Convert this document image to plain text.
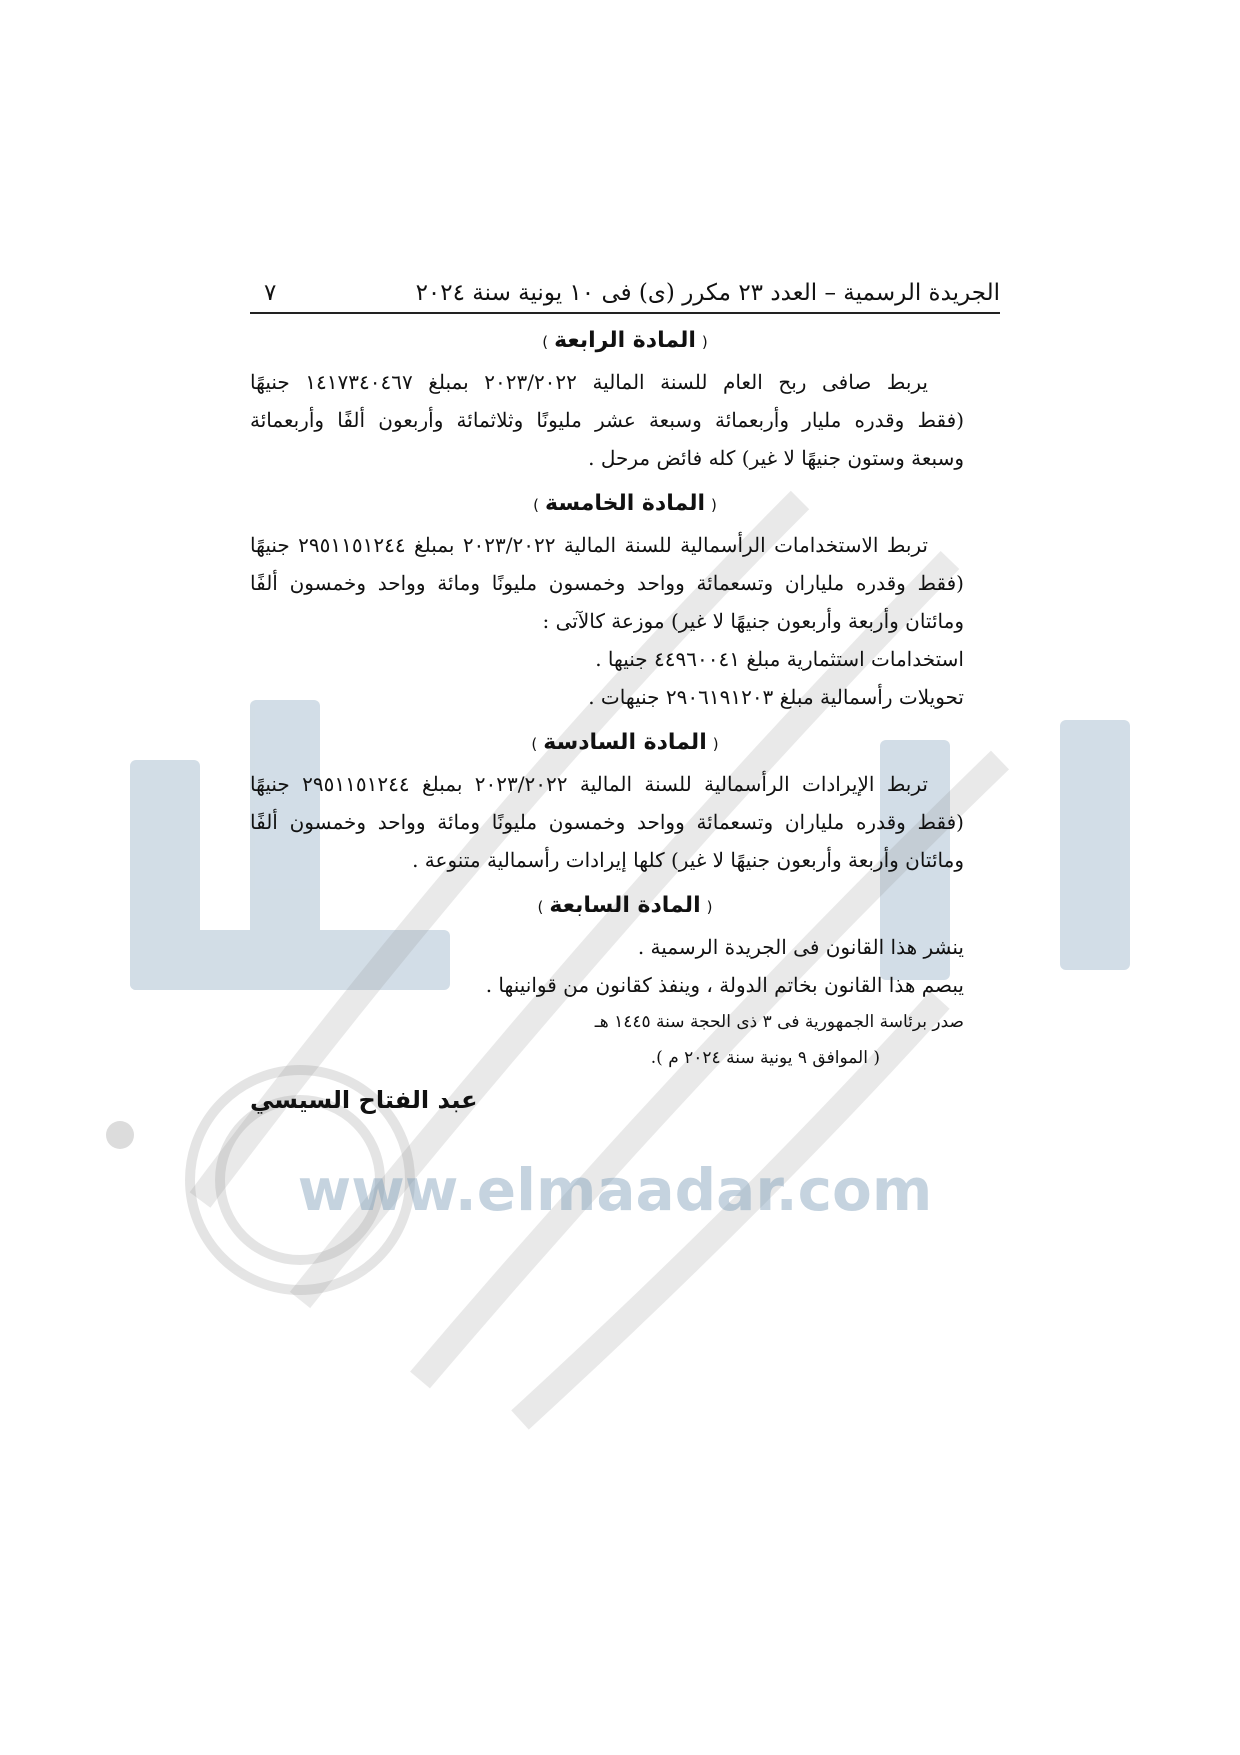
www.elmaadar.com
الجريدة الرسمية – العدد ٢٣ مكرر (ى) فى ١٠ يونية سنة ٢٠٢٤
٧
(المادة الرابعة)
يربط صافى ربح العام للسنة المالية ٢٠٢٣/٢٠٢٢ بمبلغ ١٤١٧٣٤٠٤٦٧ جنيهًا
(فقط وقدره مليار وأربعمائة وسبعة عشر مليونًا وثلاثمائة وأربعون ألفًا وأربعمائة
وسبعة وستون جنيهًا لا غير) كله فائض مرحل .
(المادة الخامسة)
تربط الاستخدامات الرأسمالية للسنة المالية ٢٠٢٣/٢٠٢٢ بمبلغ ٢٩٥١١٥١٢٤٤ جنيهًا
(فقط وقدره ملياران وتسعمائة وواحد وخمسون مليونًا ومائة وواحد وخمسون ألفًا
ومائتان وأربعة وأربعون جنيهًا لا غير) موزعة كالآتى :
استخدامات استثمارية مبلغ ٤٤٩٦٠٠٤١ جنيها .
تحويلات رأسمالية مبلغ ٢٩٠٦١٩١٢٠٣ جنيهات .
(المادة السادسة)
تربط الإيرادات الرأسمالية للسنة المالية ٢٠٢٣/٢٠٢٢ بمبلغ ٢٩٥١١٥١٢٤٤ جنيهًا
(فقط وقدره ملياران وتسعمائة وواحد وخمسون مليونًا ومائة وواحد وخمسون ألفًا
ومائتان وأربعة وأربعون جنيهًا لا غير) كلها إيرادات رأسمالية متنوعة .
(المادة السابعة)
ينشر هذا القانون فى الجريدة الرسمية .
يبصم هذا القانون بخاتم الدولة ، وينفذ كقانون من قوانينها .
صدر برئاسة الجمهورية فى ٣ ذى الحجة سنة ١٤٤٥ هـ
( الموافق ٩ يونية سنة ٢٠٢٤ م ).
عبد الفتاح السيسي
